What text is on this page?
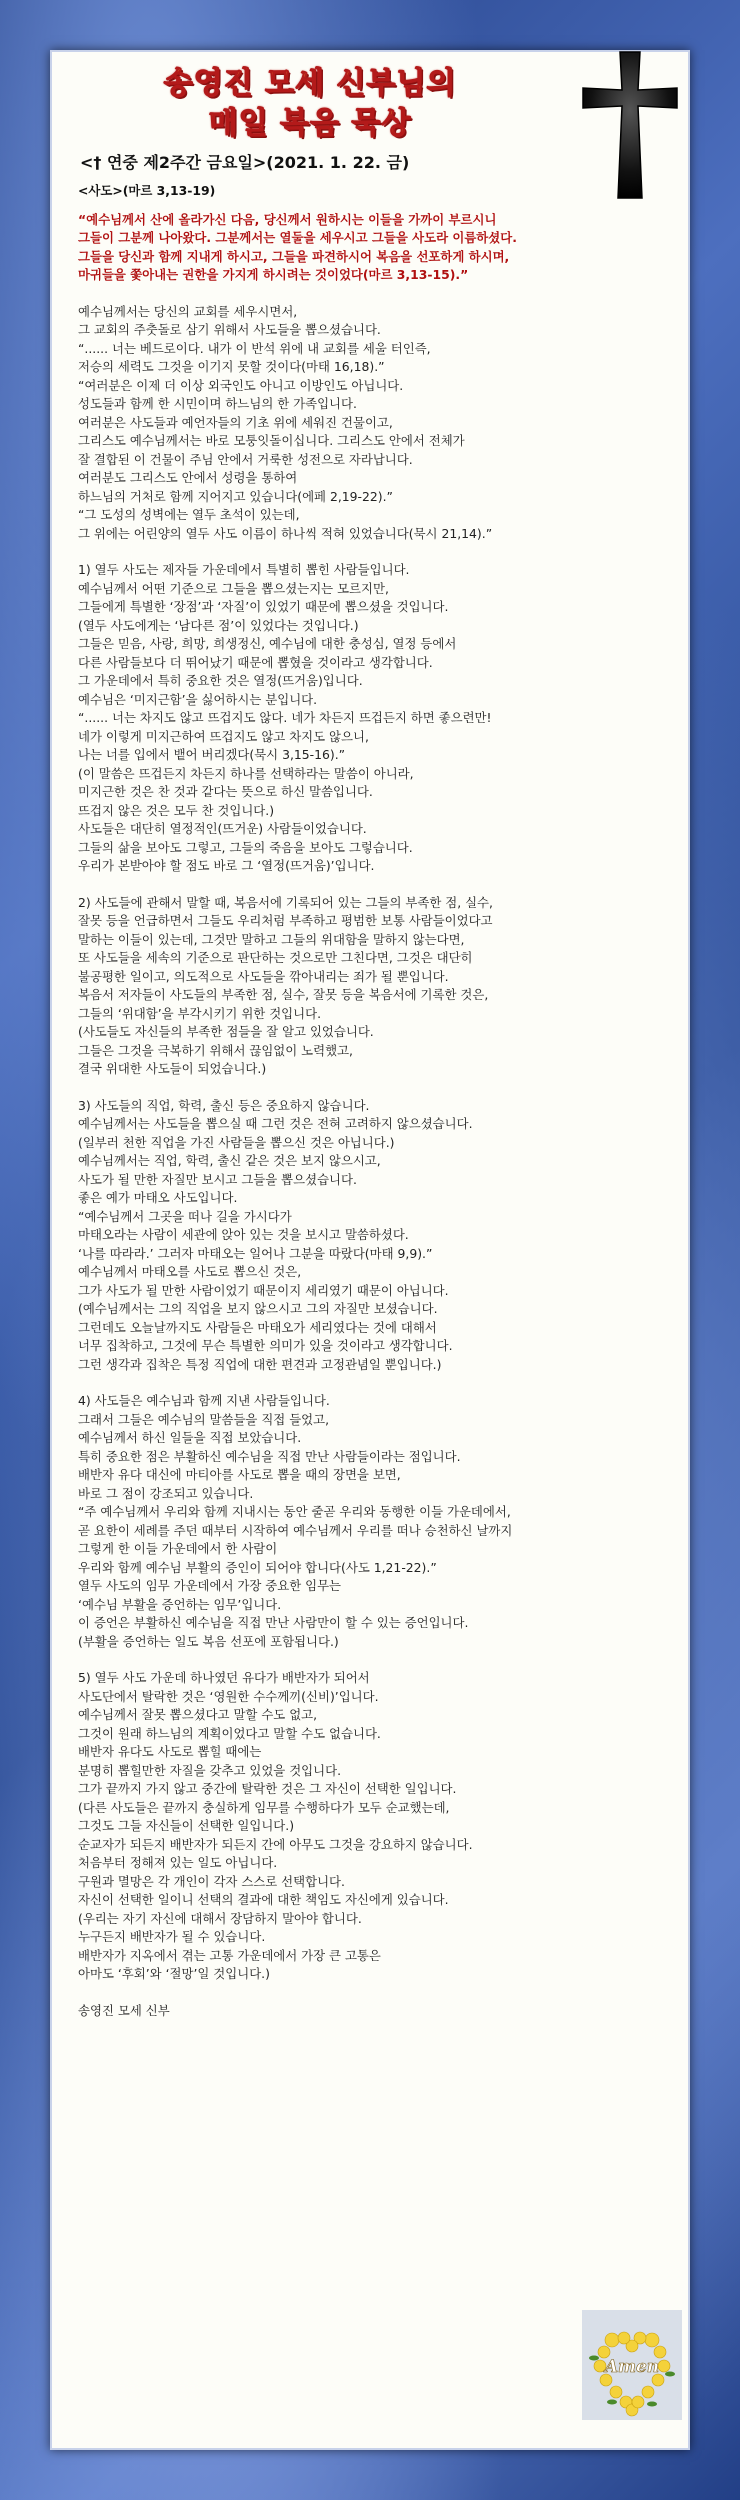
송영진 모세 신부님의
매일 복음 묵상
<† 연중 제2주간 금요일>(2021. 1. 22. 금)

<사도>(마르 3,13-19)

“예수님께서 산에 올라가신 다음, 당신께서 원하시는 이들을 가까이 부르시니
그들이 그분께 나아왔다. 그분께서는 열둘을 세우시고 그들을 사도라 이름하셨다.
그들을 당신과 함께 지내게 하시고, 그들을 파견하시어 복음을 선포하게 하시며,
마귀들을 쫓아내는 권한을 가지게 하시려는 것이었다(마르 3,13-15).”

예수님께서는 당신의 교회를 세우시면서,
그 교회의 주춧돌로 삼기 위해서 사도들을 뽑으셨습니다.
“...... 너는 베드로이다. 내가 이 반석 위에 내 교회를 세울 터인즉,
저승의 세력도 그것을 이기지 못할 것이다(마태 16,18).”
“여러분은 이제 더 이상 외국인도 아니고 이방인도 아닙니다.
성도들과 함께 한 시민이며 하느님의 한 가족입니다.
여러분은 사도들과 예언자들의 기초 위에 세워진 건물이고,
그리스도 예수님께서는 바로 모퉁잇돌이십니다. 그리스도 안에서 전체가
잘 결합된 이 건물이 주님 안에서 거룩한 성전으로 자라납니다.
여러분도 그리스도 안에서 성령을 통하여
하느님의 거처로 함께 지어지고 있습니다(에페 2,19-22).”
“그 도성의 성벽에는 열두 초석이 있는데,
그 위에는 어린양의 열두 사도 이름이 하나씩 적혀 있었습니다(묵시 21,14).”

1) 열두 사도는 제자들 가운데에서 특별히 뽑힌 사람들입니다.
예수님께서 어떤 기준으로 그들을 뽑으셨는지는 모르지만,
그들에게 특별한 ‘장점’과 ‘자질’이 있었기 때문에 뽑으셨을 것입니다.
(열두 사도에게는 ‘남다른 점’이 있었다는 것입니다.)
그들은 믿음, 사랑, 희망, 희생정신, 예수님에 대한 충성심, 열정 등에서
다른 사람들보다 더 뛰어났기 때문에 뽑혔을 것이라고 생각합니다.
그 가운데에서 특히 중요한 것은 열정(뜨거움)입니다.
예수님은 ‘미지근함’을 싫어하시는 분입니다.
“...... 너는 차지도 않고 뜨겁지도 않다. 네가 차든지 뜨겁든지 하면 좋으련만!
네가 이렇게 미지근하여 뜨겁지도 않고 차지도 않으니,
나는 너를 입에서 뱉어 버리겠다(묵시 3,15-16).”
(이 말씀은 뜨겁든지 차든지 하나를 선택하라는 말씀이 아니라,
미지근한 것은 찬 것과 같다는 뜻으로 하신 말씀입니다.
뜨겁지 않은 것은 모두 찬 것입니다.)
사도들은 대단히 열정적인(뜨거운) 사람들이었습니다.
그들의 삶을 보아도 그렇고, 그들의 죽음을 보아도 그렇습니다.
우리가 본받아야 할 점도 바로 그 ‘열정(뜨거움)’입니다.

2) 사도들에 관해서 말할 때, 복음서에 기록되어 있는 그들의 부족한 점, 실수,
잘못 등을 언급하면서 그들도 우리처럼 부족하고 평범한 보통 사람들이었다고
말하는 이들이 있는데, 그것만 말하고 그들의 위대함을 말하지 않는다면,
또 사도들을 세속의 기준으로 판단하는 것으로만 그친다면, 그것은 대단히
불공평한 일이고, 의도적으로 사도들을 깎아내리는 죄가 될 뿐입니다.
복음서 저자들이 사도들의 부족한 점, 실수, 잘못 등을 복음서에 기록한 것은,
그들의 ‘위대함’을 부각시키기 위한 것입니다.
(사도들도 자신들의 부족한 점들을 잘 알고 있었습니다.
그들은 그것을 극복하기 위해서 끊임없이 노력했고,
결국 위대한 사도들이 되었습니다.)

3) 사도들의 직업, 학력, 출신 등은 중요하지 않습니다.
예수님께서는 사도들을 뽑으실 때 그런 것은 전혀 고려하지 않으셨습니다.
(일부러 천한 직업을 가진 사람들을 뽑으신 것은 아닙니다.)
예수님께서는 직업, 학력, 출신 같은 것은 보지 않으시고,
사도가 될 만한 자질만 보시고 그들을 뽑으셨습니다.
좋은 예가 마태오 사도입니다.
“예수님께서 그곳을 떠나 길을 가시다가
마태오라는 사람이 세관에 앉아 있는 것을 보시고 말씀하셨다.
‘나를 따라라.’ 그러자 마태오는 일어나 그분을 따랐다(마태 9,9).”
예수님께서 마태오를 사도로 뽑으신 것은,
그가 사도가 될 만한 사람이었기 때문이지 세리였기 때문이 아닙니다.
(예수님께서는 그의 직업을 보지 않으시고 그의 자질만 보셨습니다.
그런데도 오늘날까지도 사람들은 마태오가 세리였다는 것에 대해서
너무 집착하고, 그것에 무슨 특별한 의미가 있을 것이라고 생각합니다.
그런 생각과 집착은 특정 직업에 대한 편견과 고정관념일 뿐입니다.)

4) 사도들은 예수님과 함께 지낸 사람들입니다.
그래서 그들은 예수님의 말씀들을 직접 들었고,
예수님께서 하신 일들을 직접 보았습니다.
특히 중요한 점은 부활하신 예수님을 직접 만난 사람들이라는 점입니다.
배반자 유다 대신에 마티아를 사도로 뽑을 때의 장면을 보면,
바로 그 점이 강조되고 있습니다.
“주 예수님께서 우리와 함께 지내시는 동안 줄곧 우리와 동행한 이들 가운데에서,
곧 요한이 세례를 주던 때부터 시작하여 예수님께서 우리를 떠나 승천하신 날까지
그렇게 한 이들 가운데에서 한 사람이
우리와 함께 예수님 부활의 증인이 되어야 합니다(사도 1,21-22).”
열두 사도의 임무 가운데에서 가장 중요한 임무는
‘예수님 부활을 증언하는 임무’입니다.
이 증언은 부활하신 예수님을 직접 만난 사람만이 할 수 있는 증언입니다.
(부활을 증언하는 일도 복음 선포에 포함됩니다.)

5) 열두 사도 가운데 하나였던 유다가 배반자가 되어서
사도단에서 탈락한 것은 ‘영원한 수수께끼(신비)’입니다.
예수님께서 잘못 뽑으셨다고 말할 수도 없고,
그것이 원래 하느님의 계획이었다고 말할 수도 없습니다.
배반자 유다도 사도로 뽑힐 때에는
분명히 뽑힐만한 자질을 갖추고 있었을 것입니다.
그가 끝까지 가지 않고 중간에 탈락한 것은 그 자신이 선택한 일입니다.
(다른 사도들은 끝까지 충실하게 임무를 수행하다가 모두 순교했는데,
그것도 그들 자신들이 선택한 일입니다.)
순교자가 되든지 배반자가 되든지 간에 아무도 그것을 강요하지 않습니다.
처음부터 정해져 있는 일도 아닙니다.
구원과 멸망은 각 개인이 각자 스스로 선택합니다.
자신이 선택한 일이니 선택의 결과에 대한 책임도 자신에게 있습니다.
(우리는 자기 자신에 대해서 장담하지 말아야 합니다.
누구든지 배반자가 될 수 있습니다.
배반자가 지옥에서 겪는 고통 가운데에서 가장 큰 고통은
아마도 ‘후회’와 ‘절망’일 것입니다.)

송영진 모세 신부

Amen
